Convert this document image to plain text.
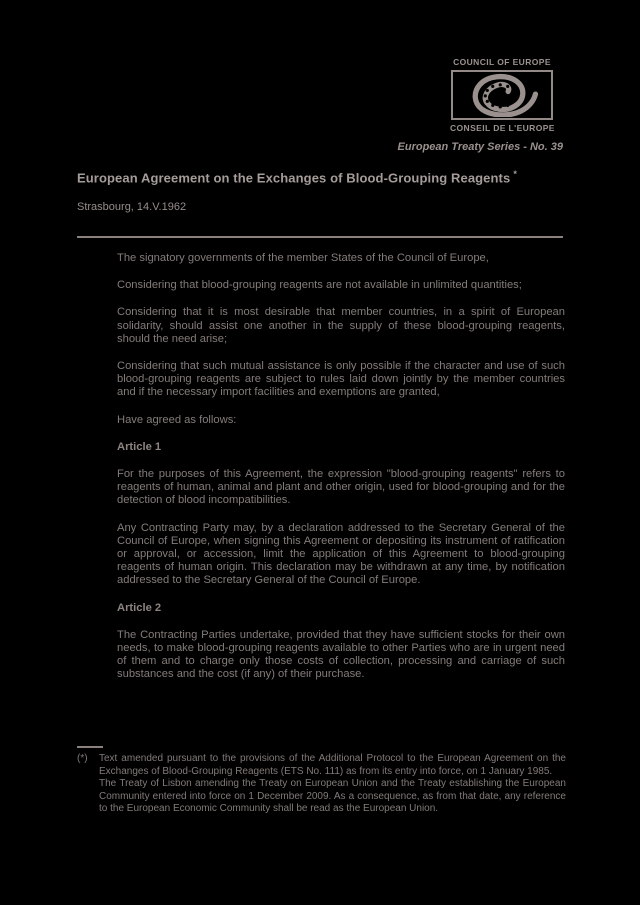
COUNCIL OF EUROPE
CONSEIL DE L'EUROPE
European Treaty Series - No. 39
European Agreement on the Exchanges of Blood-Grouping Reagents *
Strasbourg, 14.V.1962

The signatory governments of the member States of the Council of Europe,

Considering that blood-grouping reagents are not available in unlimited quantities;

Considering that it is most desirable that member countries, in a spirit of European solidarity, should assist one another in the supply of these blood-grouping reagents, should the need arise;

Considering that such mutual assistance is only possible if the character and use of such blood-grouping reagents are subject to rules laid down jointly by the member countries and if the necessary import facilities and exemptions are granted,

Have agreed as follows:

Article 1

For the purposes of this Agreement, the expression "blood-grouping reagents" refers to reagents of human, animal and plant and other origin, used for blood-grouping and for the detection of blood incompatibilities.

Any Contracting Party may, by a declaration addressed to the Secretary General of the Council of Europe, when signing this Agreement or depositing its instrument of ratification or approval, or accession, limit the application of this Agreement to blood-grouping reagents of human origin. This declaration may be withdrawn at any time, by notification addressed to the Secretary General of the Council of Europe.

Article 2

The Contracting Parties undertake, provided that they have sufficient stocks for their own needs, to make blood-grouping reagents available to other Parties who are in urgent need of them and to charge only those costs of collection, processing and carriage of such substances and the cost (if any) of their purchase.

(*) Text amended pursuant to the provisions of the Additional Protocol to the European Agreement on the Exchanges of Blood-Grouping Reagents (ETS No. 111) as from its entry into force, on 1 January 1985.
The Treaty of Lisbon amending the Treaty on European Union and the Treaty establishing the European Community entered into force on 1 December 2009. As a consequence, as from that date, any reference to the European Economic Community shall be read as the European Union.
